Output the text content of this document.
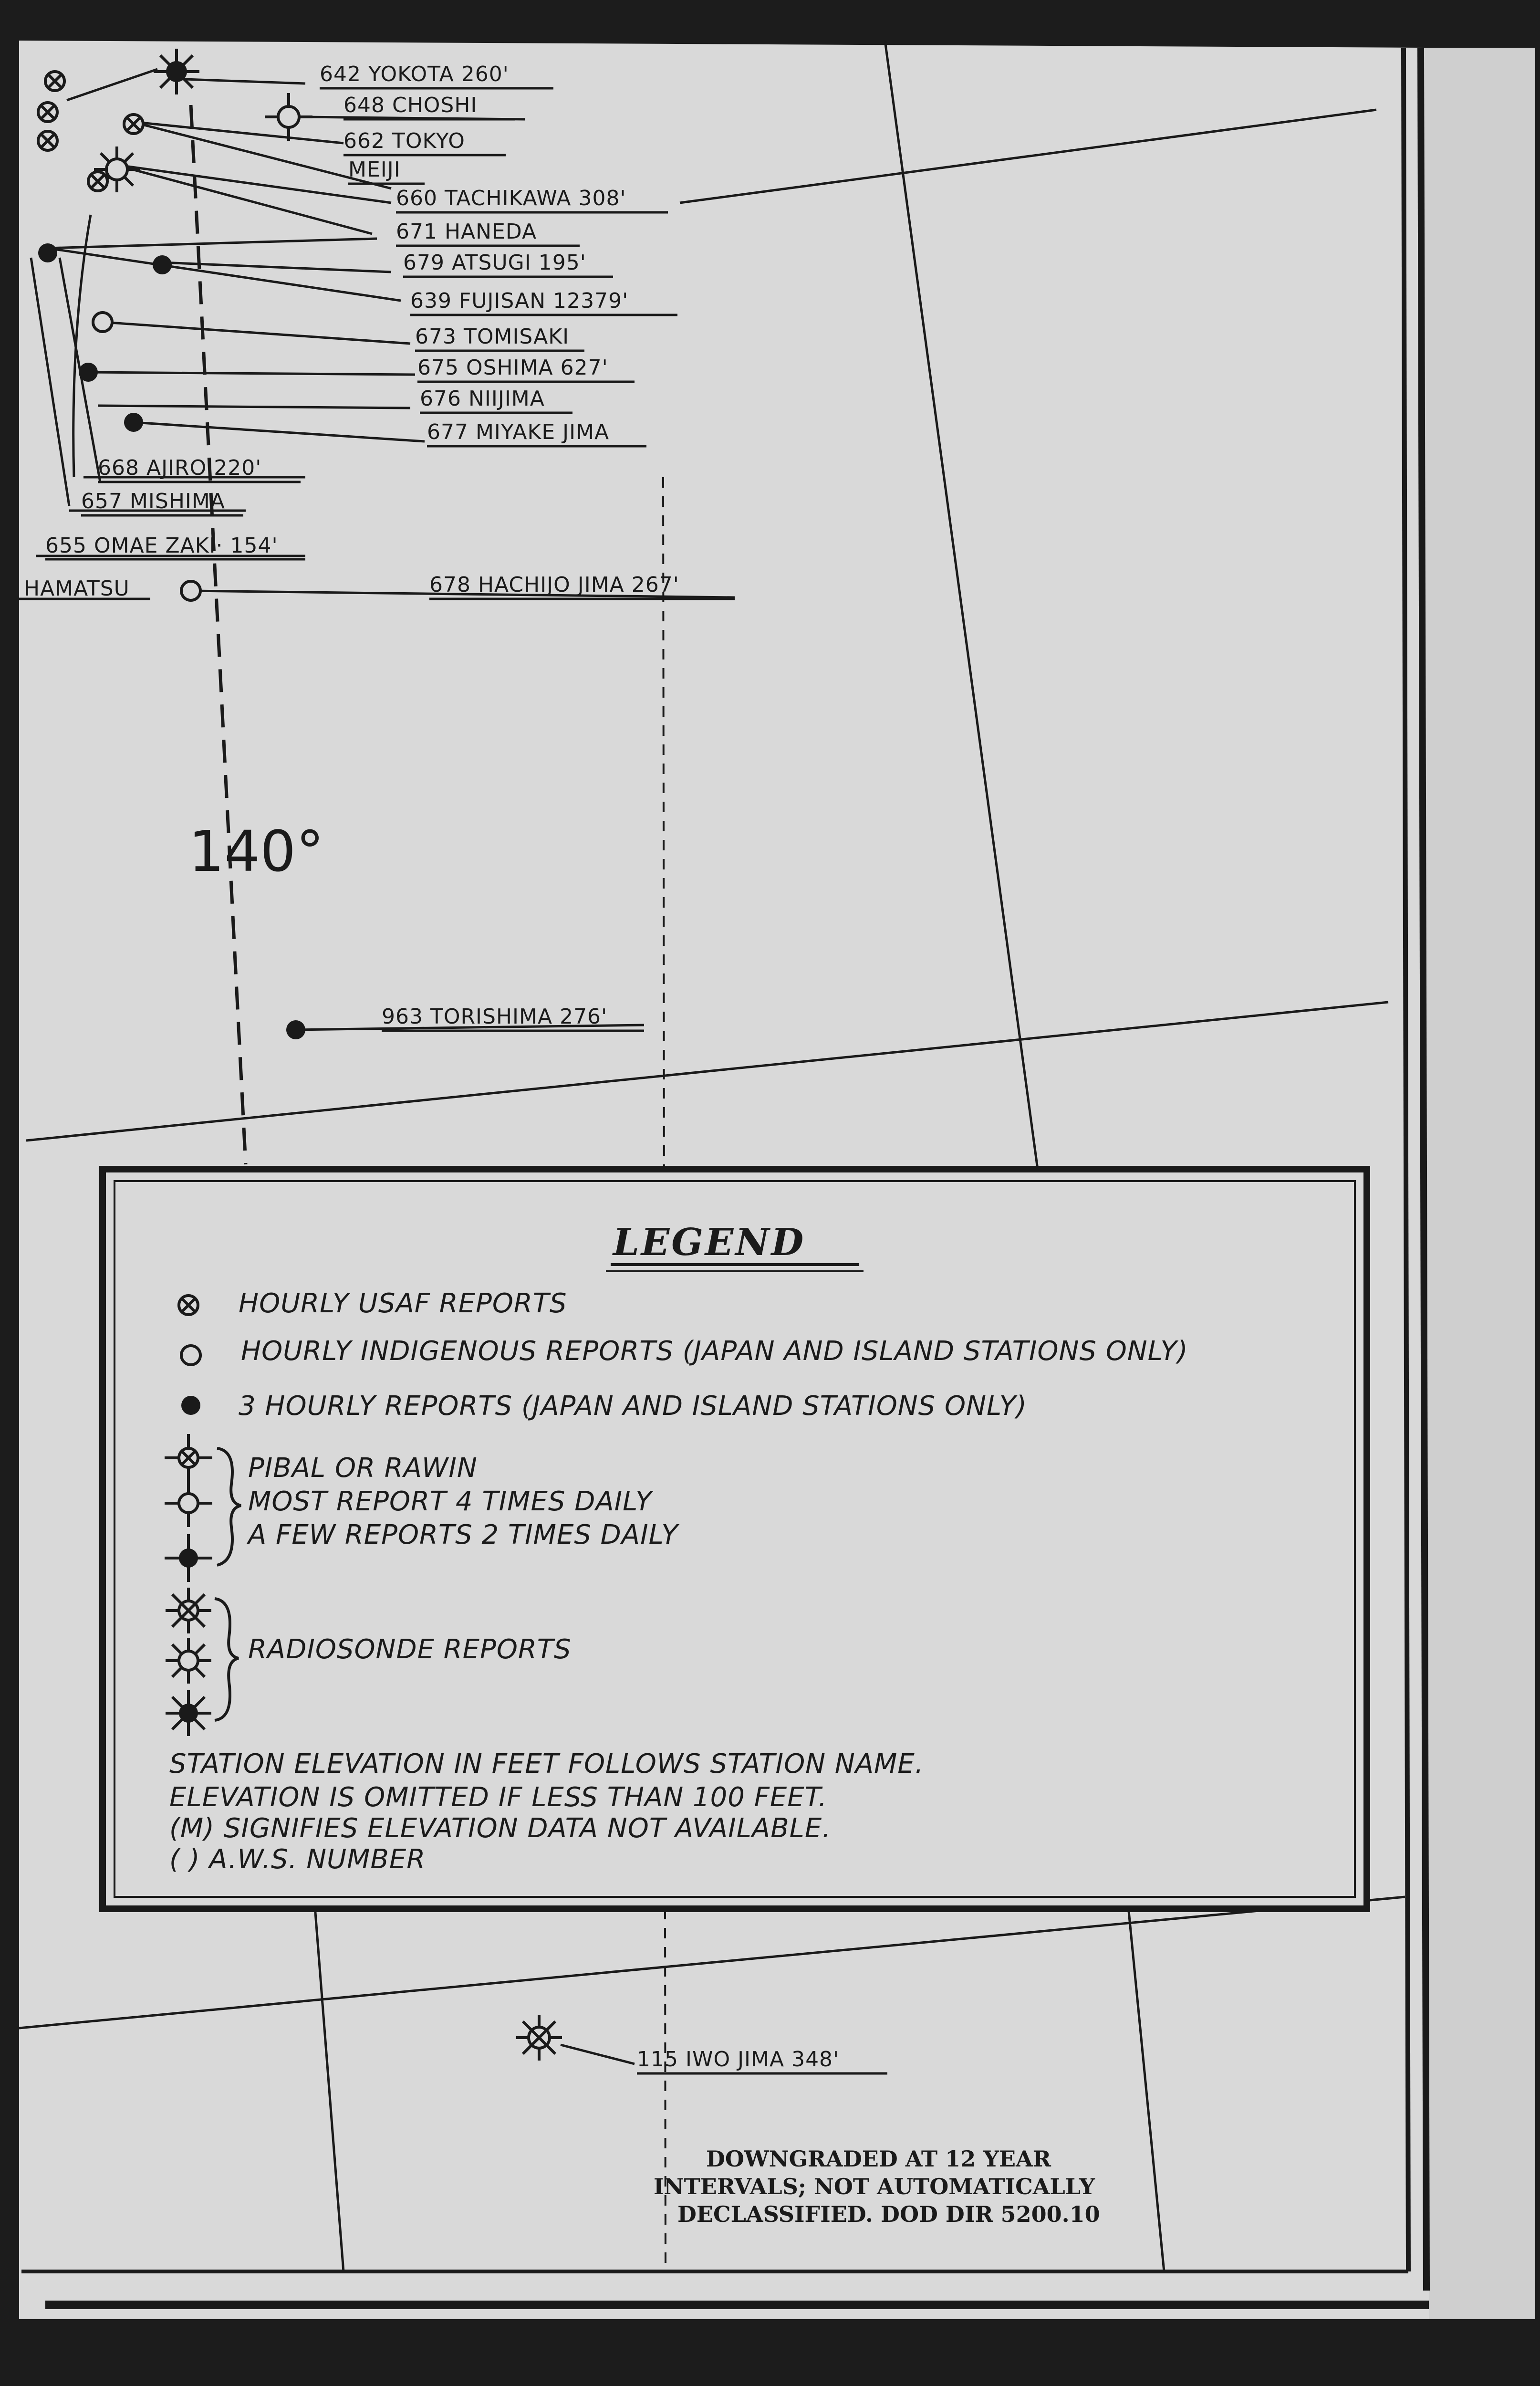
140°
642 YOKOTA 260'
648 CHOSHI
662 TOKYO
MEIJI
660 TACHIKAWA 308'
671 HANEDA
679 ATSUGI 195'
639 FUJISAN 12379'
673 TOMISAKI
675 OSHIMA 627'
676 NIIJIMA
677 MIYAKE JIMA
668 AJIRO 220'
657 MISHIMA
655 OMAE ZAKI· 154'
HAMATSU	678 HACHIJO JIMA 267'
963 TORISHIMA 276'
115 IWO JIMA 348'
LEGEND
HOURLY USAF REPORTS
HOURLY INDIGENOUS REPORTS (JAPAN AND ISLAND STATIONS ONLY)
3 HOURLY REPORTS (JAPAN AND ISLAND STATIONS ONLY)
PIBAL OR RAWIN
MOST REPORT 4 TIMES DAILY
A FEW REPORTS 2 TIMES DAILY
RADIOSONDE REPORTS
STATION ELEVATION IN FEET FOLLOWS STATION NAME.
ELEVATION IS OMITTED IF LESS THAN 100 FEET.
(M) SIGNIFIES ELEVATION DATA NOT AVAILABLE.
( ) A.W.S. NUMBER
DOWNGRADED AT 12 YEAR
INTERVALS; NOT AUTOMATICALLY
DECLASSIFIED. DOD DIR 5200.10
